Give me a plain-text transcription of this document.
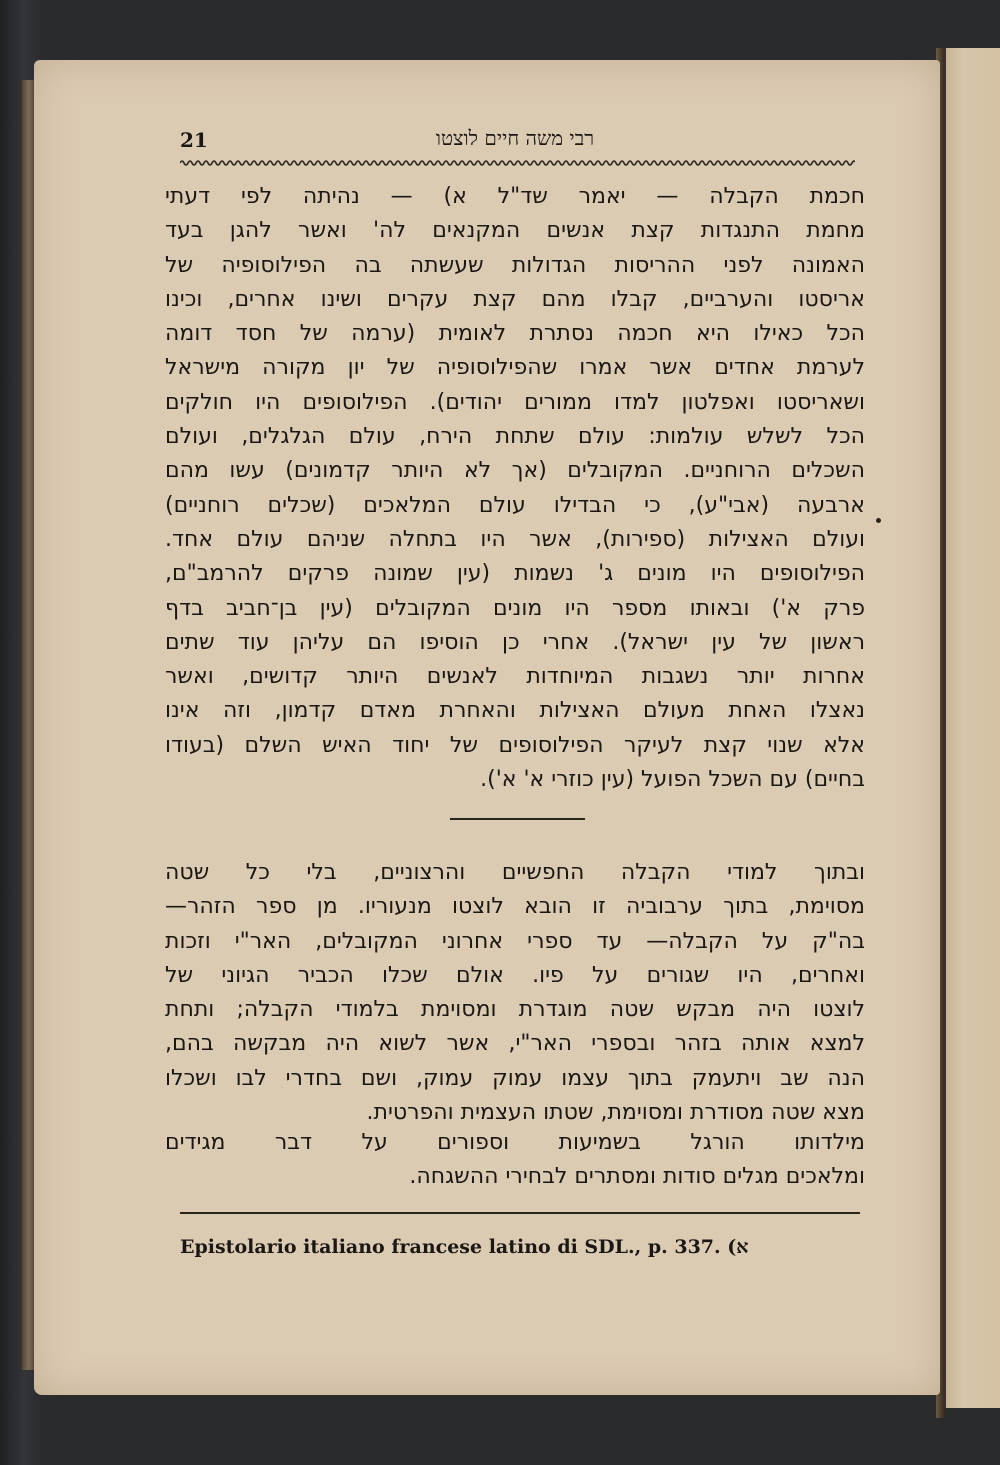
21	רבי משה חיים לוצטו
חכמת הקבלה — יאמר שד"ל א) — נהיתה לפי דעתי
מחמת התנגדות קצת אנשים המקנאים לה' ואשר להגן בעד
האמונה לפני ההריסות הגדולות שעשתה בה הפילוסופיה של
אריסטו והערביים, קבלו מהם קצת עקרים ושינו אחרים, וכינו
הכל כאילו היא חכמה נסתרת לאומית (ערמה של חסד דומה
לערמת אחדים אשר אמרו שהפילוסופיה של יון מקורה מישראל
ושאריסטו ואפלטון למדו ממורים יהודים). הפילוסופים היו חולקים
הכל לשלש עולמות: עולם שתחת הירח, עולם הגלגלים, ועולם
השכלים הרוחניים. המקובלים (אך לא היותר קדמונים) עשו מהם
ארבעה (אבי"ע), כי הבדילו עולם המלאכים (שכלים רוחניים)
ועולם האצילות (ספירות), אשר היו בתחלה שניהם עולם אחד.
הפילוסופים היו מונים ג' נשמות (עין שמונה פרקים להרמב"ם,
פרק א') ובאותו מספר היו מונים המקובלים (עין בן־חביב בדף
ראשון של עין ישראל). אחרי כן הוסיפו הם עליהן עוד שתים
אחרות יותר נשגבות המיוחדות לאנשים היותר קדושים, ואשר
נאצלו האחת מעולם האצילות והאחרת מאדם קדמון, וזה אינו
אלא שנוי קצת לעיקר הפילוסופים של יחוד האיש השלם (בעודו
בחיים) עם השכל הפועל (עין כוזרי א' א').
ובתוך למודי הקבלה החפשיים והרצוניים, בלי כל שטה
מסוימת, בתוך ערבוביה זו הובא לוצטו מנעוריו. מן ספר הזהר—
בה"ק על הקבלה— עד ספרי אחרוני המקובלים, האר"י וזכות
ואחרים, היו שגורים על פיו. אולם שכלו הכביר הגיוני של
לוצטו היה מבקש שטה מוגדרת ומסוימת בלמודי הקבלה; ותחת
למצא אותה בזהר ובספרי האר"י, אשר לשוא היה מבקשה בהם,
הנה שב ויתעמק בתוך עצמו עמוק עמוק, ושם בחדרי לבו ושכלו
מצא שטה מסודרת ומסוימת, שטתו העצמית והפרטית.
מילדותו הורגל בשמיעות וספורים על דבר מגידים
ומלאכים מגלים סודות ומסתרים לבחירי ההשגחה.
Epistolario italiano francese latino di SDL., p. 337. (א
